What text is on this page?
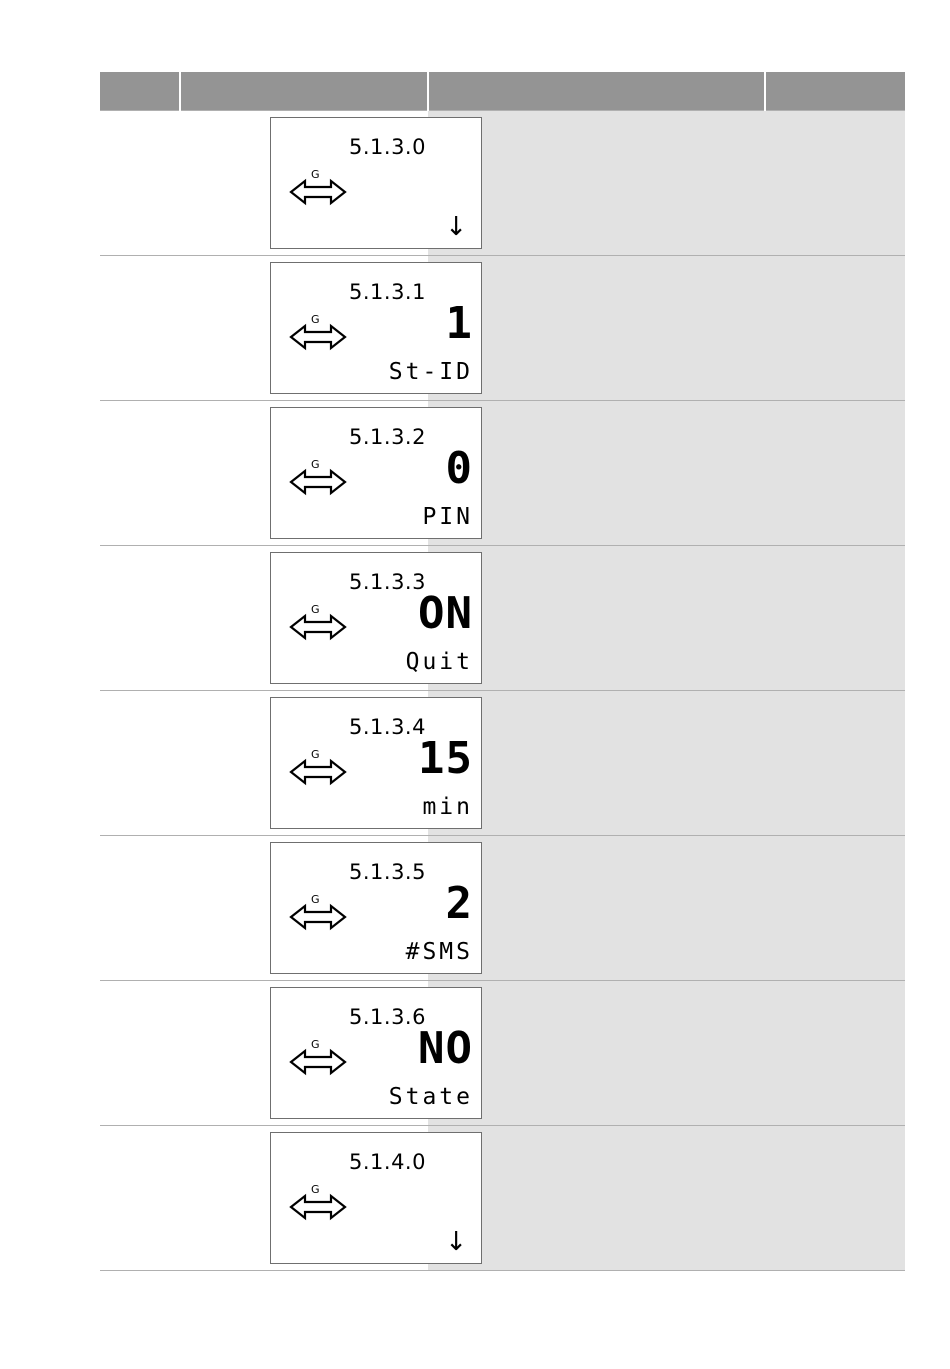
	5.1.3.0
↓
G		

	5.1.3.1
1
St-ID
G		

	5.1.3.2
0
PIN
G		

	5.1.3.3
ON
Quit
G		

	5.1.3.4
15
min
G		

	5.1.3.5
2
#SMS
G		

	5.1.3.6
NO
State
G		

	5.1.4.0
↓
G		
